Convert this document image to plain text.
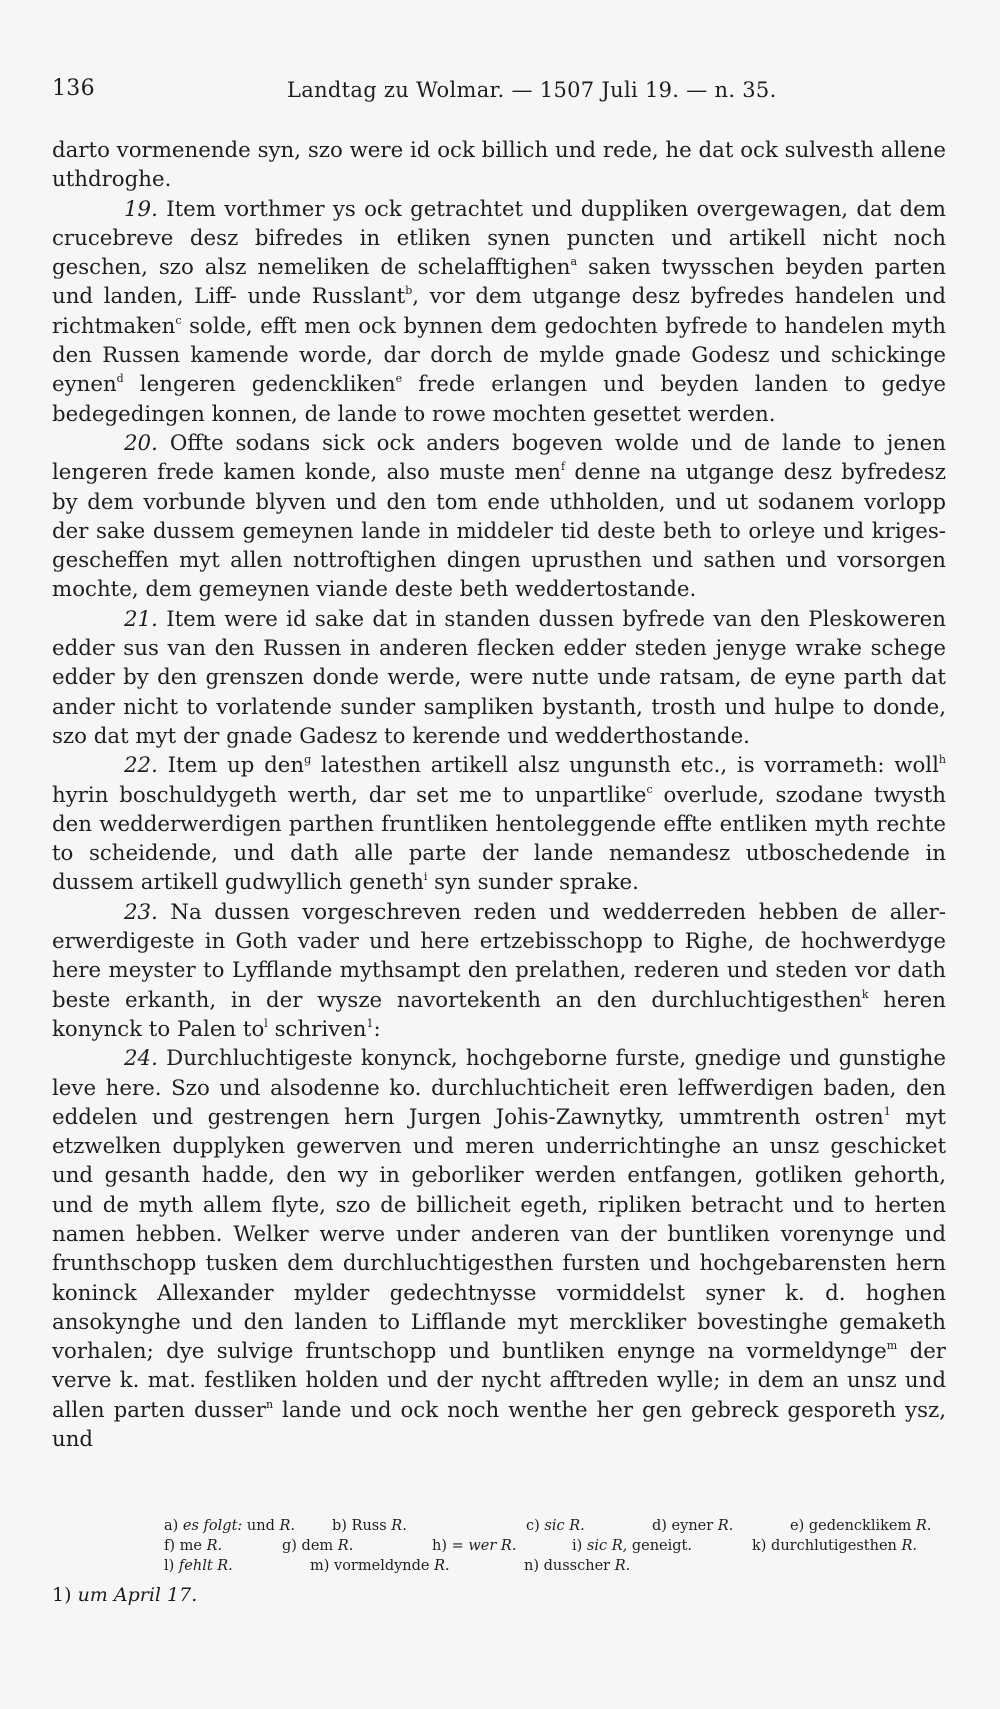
136	Landtag zu Wolmar. — 1507 Juli 19. — n. 35.

darto vormenende syn, szo were id ock billich und rede, he dat ock sulvesth allene uthdroghe.

19. Item vorthmer ys ock getrachtet und duppliken overgewagen, dat dem crucebreve desz bifredes in etliken synen puncten und artikell nicht noch geschen, szo alsz nemeliken de schelafftighen$^a$ saken twysschen beyden parten und landen, Liff- unde Russlant$^b$, vor dem utgange desz byfredes handelen und richtmaken$^c$ solde, efft men ock bynnen dem gedochten byfrede to handelen myth den Russen kamende worde, dar dorch de mylde gnade Godesz und schickinge eynen$^d$ lengeren gedenckliken$^e$ frede erlangen und beyden landen to gedye bedegedingen konnen, de lande to rowe mochten gesettet werden.

20. Offte sodans sick ock anders bogeven wolde und de lande to jenen lengeren frede kamen konde, also muste men$^f$ denne na utgange desz byfredesz by dem vorbunde blyven und den tom ende uthholden, und ut sodanem vorlopp der sake dussem gemeynen lande in middeler tid deste beth to orleye und kriges-gescheffen myt allen nottroftighen dingen uprusthen und sathen und vorsorgen mochte, dem gemeynen viande deste beth weddertostande.

21. Item were id sake dat in standen dussen byfrede van den Pleskoweren edder sus van den Russen in anderen flecken edder steden jenyge wrake schege edder by den grenszen donde werde, were nutte unde ratsam, de eyne parth dat ander nicht to vorlatende sunder sampliken bystanth, trosth und hulpe to donde, szo dat myt der gnade Gadesz to kerende und wedderthostande.

22. Item up den$^g$ latesthen artikell alsz ungunsth etc., is vorrameth: woll$^h$ hyrin boschuldygeth werth, dar set me to unpartlike$^c$ overlude, szodane twysth den wedderwerdigen parthen fruntliken hentoleggende effte entliken myth rechte to scheidende, und dath alle parte der lande nemandesz utboschedende in dussem artikell gudwyllich geneth$^i$ syn sunder sprake.

23. Na dussen vorgeschreven reden und wedderreden hebben de aller-erwerdigeste in Goth vader und here ertzebisschopp to Righe, de hochwerdyge here meyster to Lyfflande mythsampt den prelathen, rederen und steden vor dath beste erkanth, in der wysze navortekenth an den durchluchtigesthen$^k$ heren konynck to Palen $to^l$ schriven$^1$:

24. Durchluchtigeste konynck, hochgeborne furste, gnedige und gunstighe leve here. Szo und alsodenne ko. durchluchticheit eren leffwerdigen baden, den eddelen und gestrengen hern Jurgen Johis-Zawnytky, ummtrenth ostren$^1$ myt etzwelken dupplyken gewerven und meren underrichtinghe an unsz geschicket und gesanth hadde, den wy in geborliker werden entfangen, gotliken gehorth, und de myth allem flyte, szo de billicheit egeth, ripliken betracht und to herten namen hebben. Welker werve under anderen van der buntliken vorenynge und frunthschopp tusken dem durchluchtigesthen fursten und hochgebarensten hern koninck Allexander mylder gedechtnysse vormiddelst syner k. d. hoghen ansokynghe und den landen to Lifflande myt merckliker bovestinghe gemaketh vorhalen; dye sulvige fruntschopp und buntliken enynge na vormeldynge$^m$ der verve k. mat. festliken holden und der nycht afftreden wylle; in dem an unsz und allen parten dusser$^n$ lande und ock noch wenthe her gen gebreck gesporeth ysz, und

a) es folgt: und R.	b) Russ R.	c) sic R.	d) eyner R.	e) gedencklikem R.
f) me R.	g) dem R.	h) = wer R.	i) sic R, geneigt.	k) durchlutigesthen R.
l) fehlt R.	m) vormeldynde R.	n) dusscher R.
1) um April 17.
